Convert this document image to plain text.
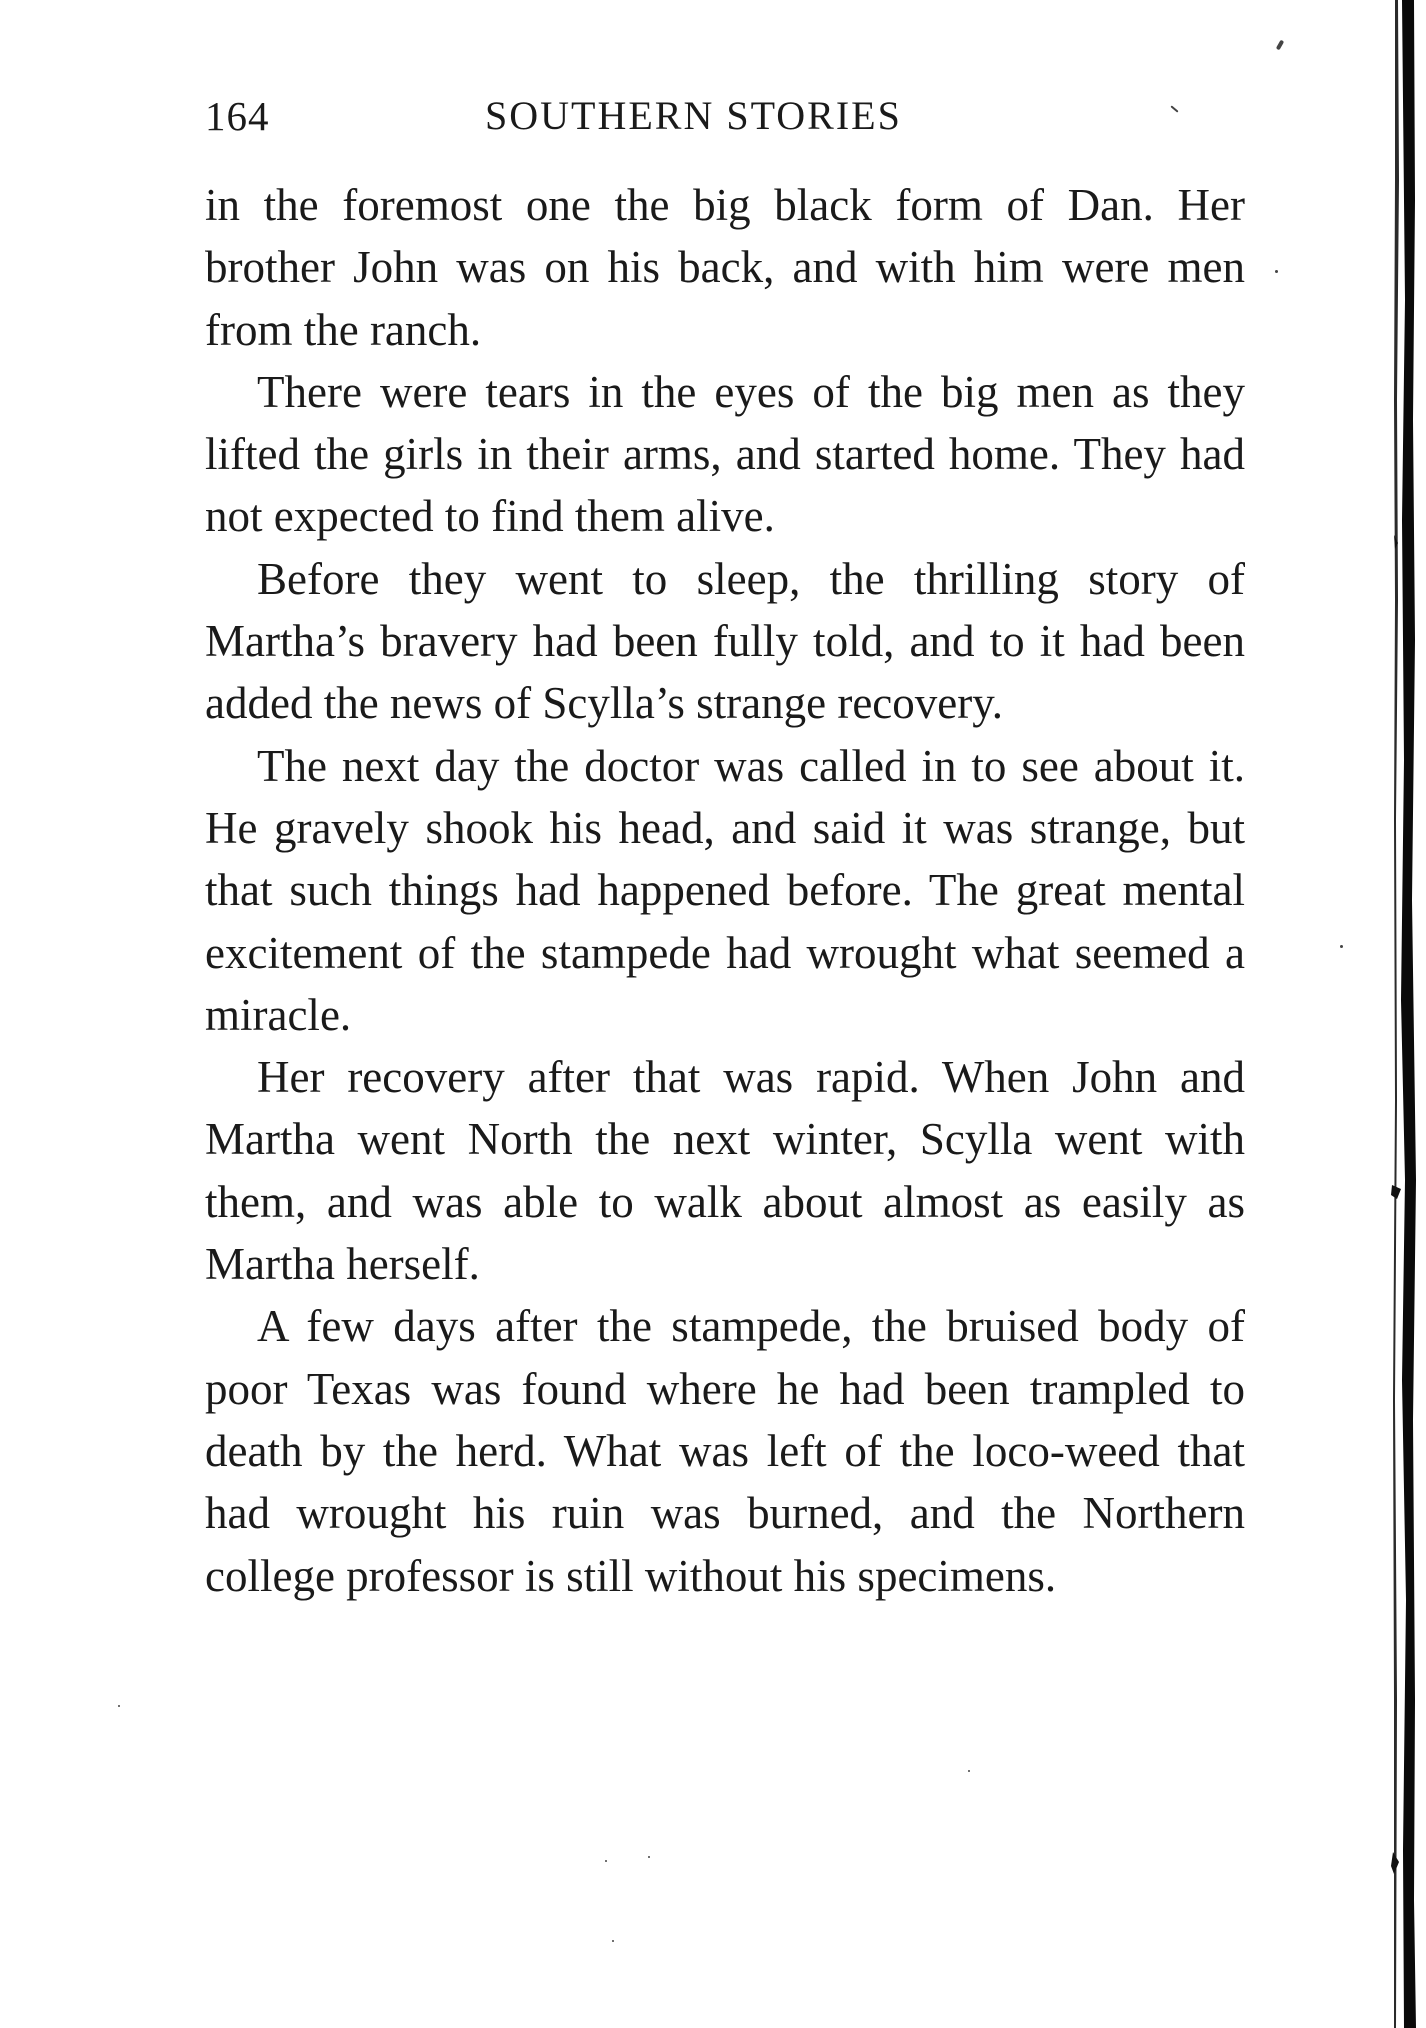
164	SOUTHERN STORIES

in the foremost one the big black form of Dan. Her brother John was on his back, and with him were men from the ranch.

There were tears in the eyes of the big men as they lifted the girls in their arms, and started home. They had not expected to find them alive.

Before they went to sleep, the thrilling story of Martha’s bravery had been fully told, and to it had been added the news of Scylla’s strange recovery.

The next day the doctor was called in to see about it. He gravely shook his head, and said it was strange, but that such things had happened before. The great mental excitement of the stampede had wrought what seemed a miracle.

Her recovery after that was rapid. When John and Martha went North the next winter, Scylla went with them, and was able to walk about almost as easily as Martha herself.

A few days after the stampede, the bruised body of poor Texas was found where he had been trampled to death by the herd. What was left of the loco-weed that had wrought his ruin was burned, and the Northern college professor is still without his specimens.
